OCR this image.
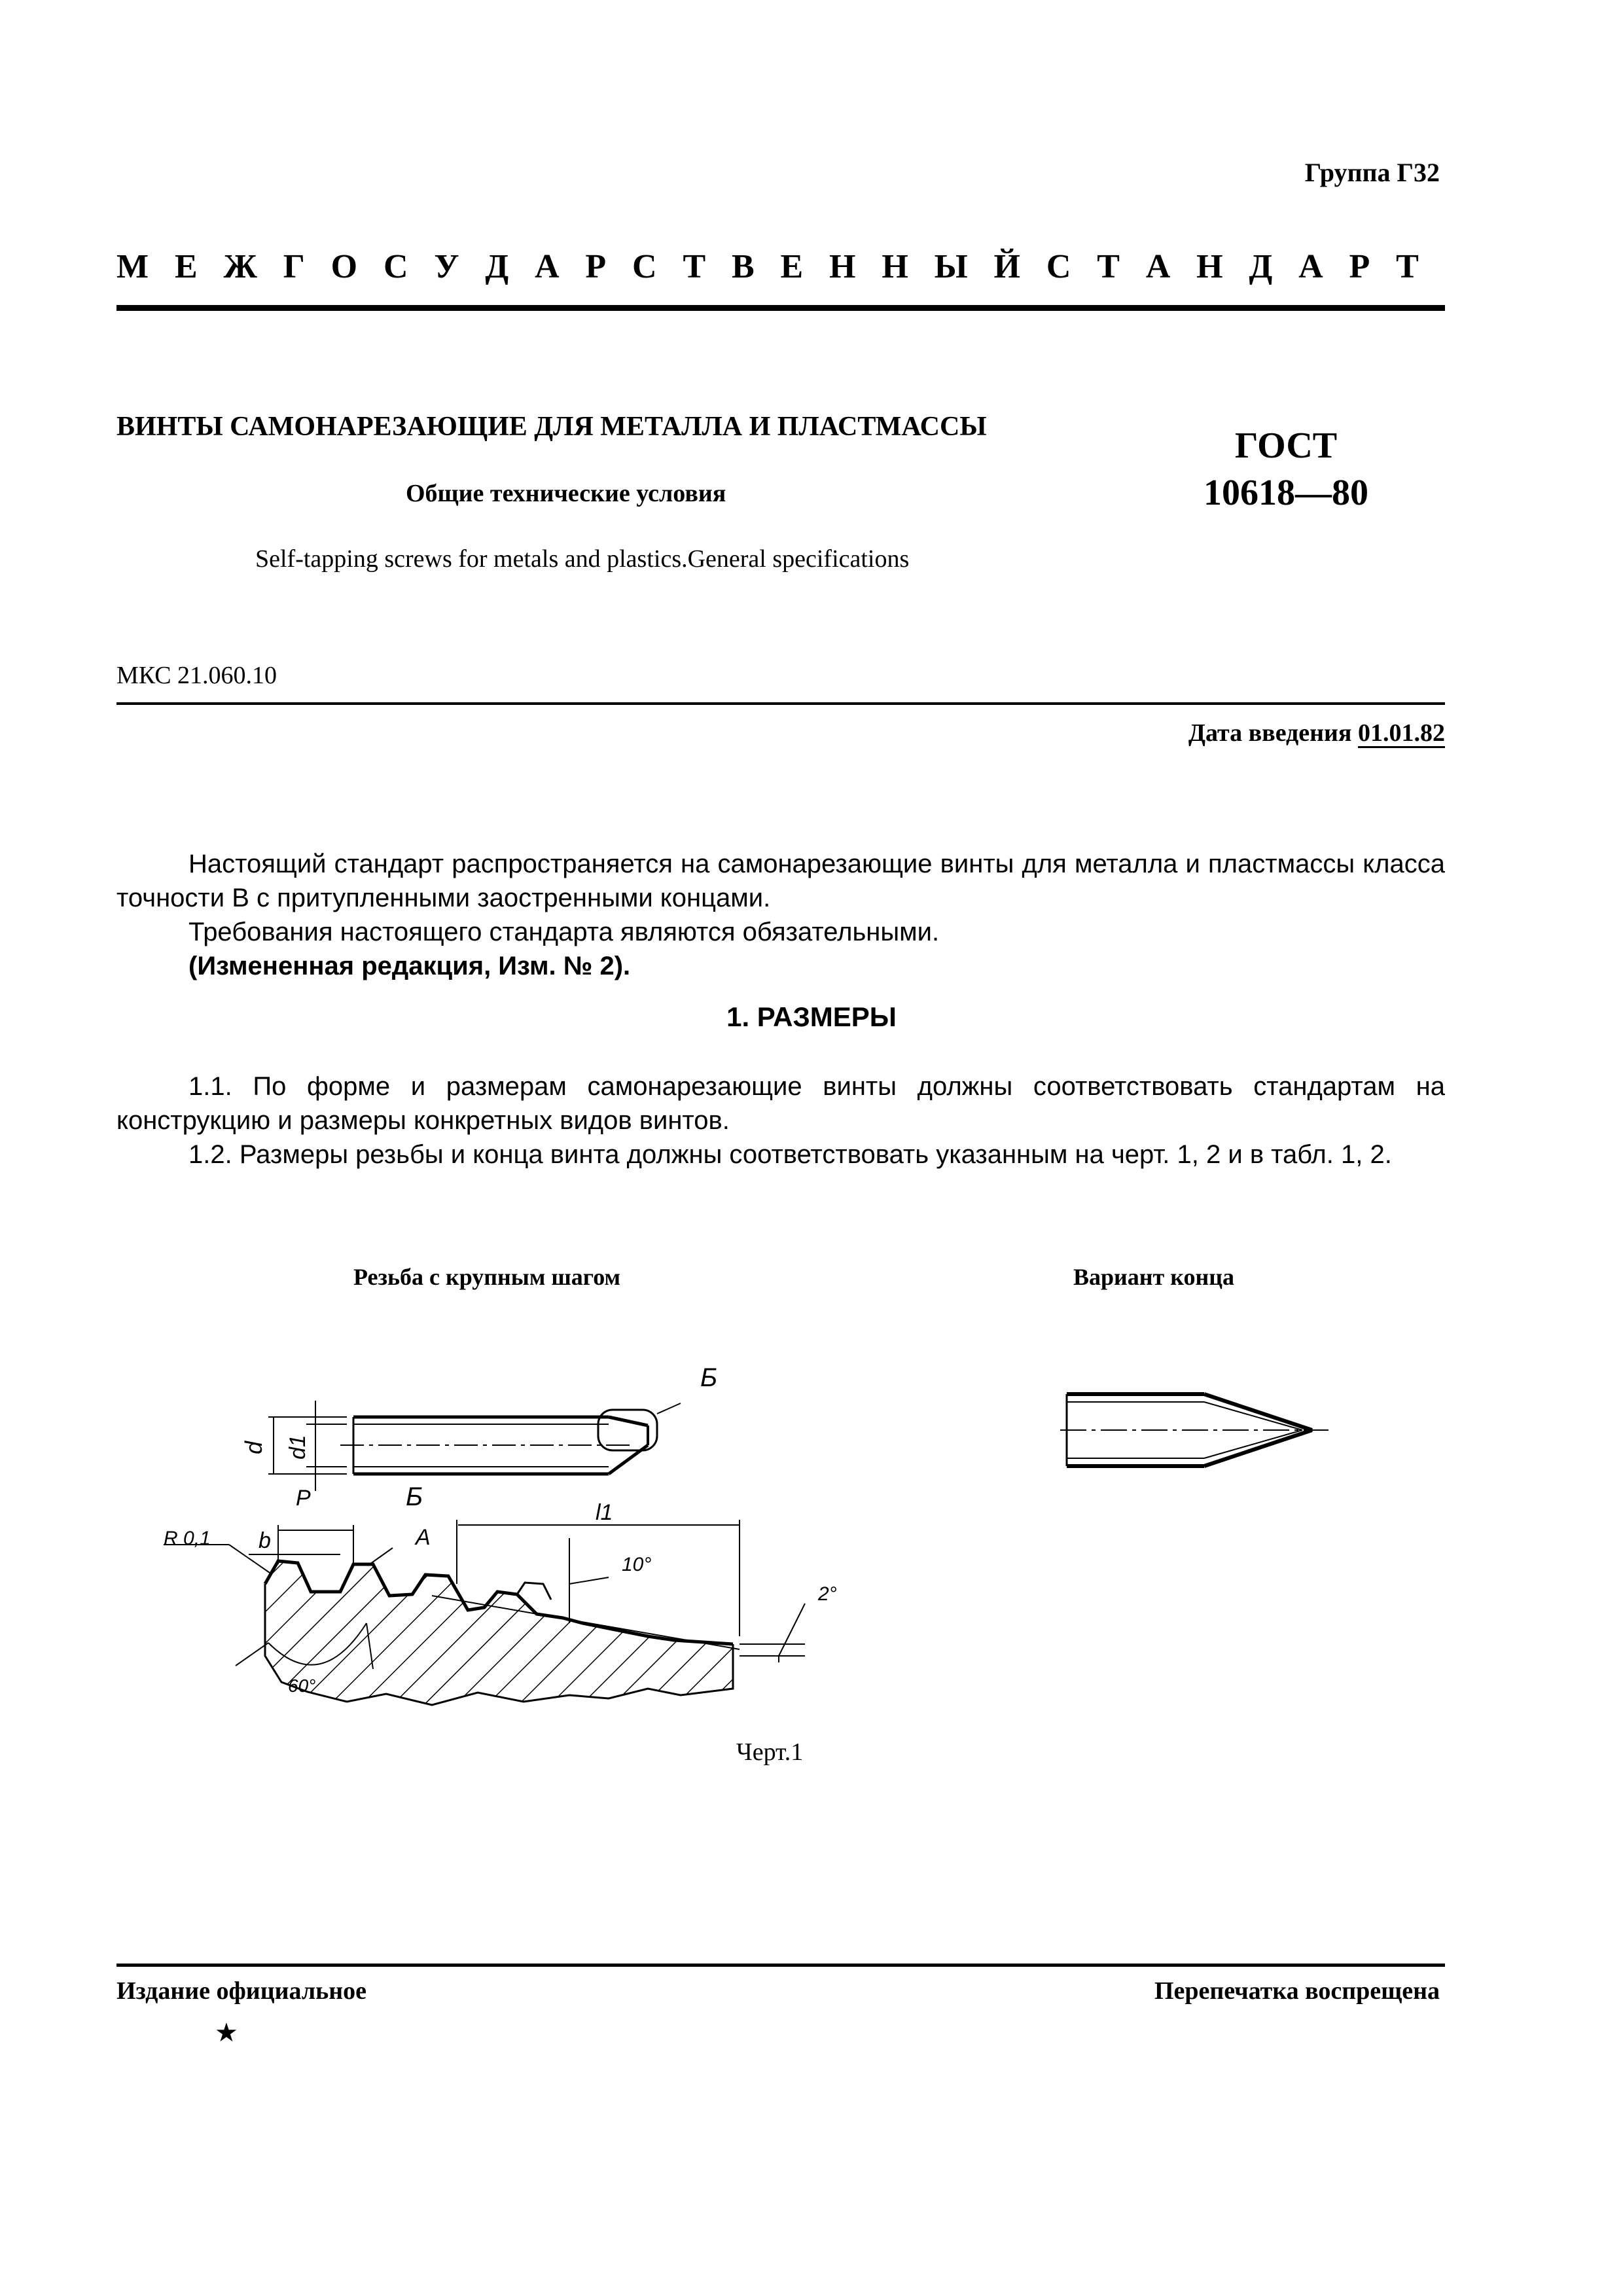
Группа Г32
М Е Ж Г О С У Д А Р С Т В Е Н Н Ы Й С Т А Н Д А Р Т
ВИНТЫ САМОНАРЕЗАЮЩИЕ ДЛЯ МЕТАЛЛА И ПЛАСТМАССЫ
Общие технические условия
Self-tapping screws for metals and plastics.General specifications
ГОСТ
10618—80
МКС 21.060.10
Дата введения 01.01.82

Настоящий стандарт распространяется на самонарезающие винты для металла и пластмассы класса точности В с притупленными заостренными концами.

Требования настоящего стандарта являются обязательными.

(Измененная редакция, Изм. № 2).

1. РАЗМЕРЫ

1.1. По форме и размерам самонарезающие винты должны соответствовать стандартам на конструкцию и размеры конкретных видов винтов.

1.2. Размеры резьбы и конца винта должны соответствовать указанным на черт. 1, 2 и в табл. 1, 2.

Резьба с крупным шагом	Вариант конца
Б
d d1
P	Б
R 0,1 b	A
l1
10°
2°
60°
Черт.1
Издание официальное	Перепечатка воспрещена
★
